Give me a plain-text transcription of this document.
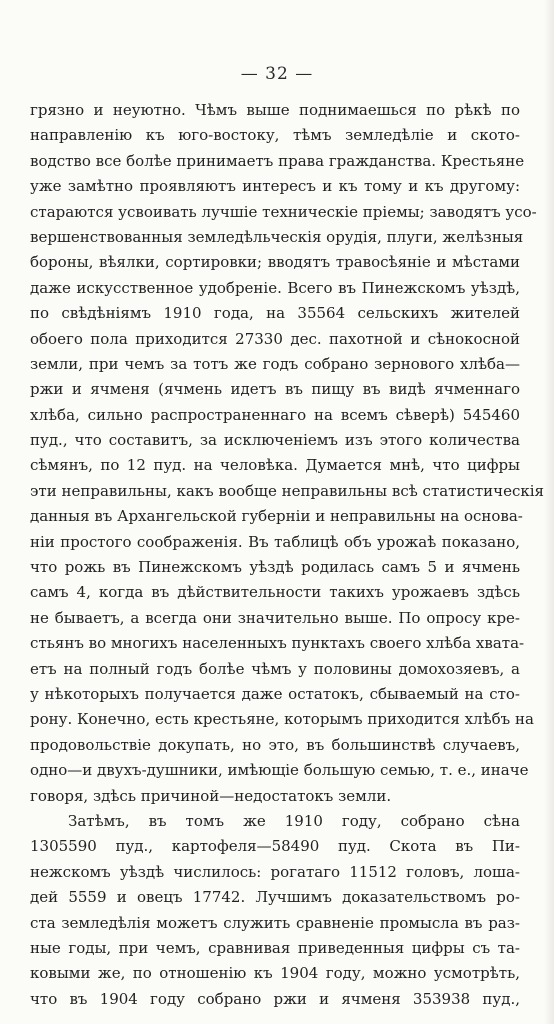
— 32 —
грязно и неуютно. Чѣмъ выше поднимаешься по рѣкѣ по
направленію къ юго-востоку, тѣмъ земледѣліе и ското-
водство все болѣе принимаетъ права гражданства. Крестьяне
уже замѣтно проявляютъ интересъ и къ тому и къ другому:
стараются усвоивать лучшіе техническіе пріемы; заводятъ усо-
вершенствованныя земледѣльческія орудія, плуги, желѣзныя
бороны, вѣялки, сортировки; вводятъ травосѣяніе и мѣстами
даже искусственное удобреніе. Всего въ Пинежскомъ уѣздѣ,
по свѣдѣніямъ 1910 года, на 35564 сельскихъ жителей
обоего пола приходится 27330 дес. пахотной и сѣнокосной
земли, при чемъ за тотъ же годъ собрано зернового хлѣба—
ржи и ячменя (ячмень идетъ въ пищу въ видѣ ячменнаго
хлѣба, сильно распространеннаго на всемъ сѣверѣ) 545460
пуд., что составитъ, за исключеніемъ изъ этого количества
сѣмянъ, по 12 пуд. на человѣка. Думается мнѣ, что цифры
эти неправильны, какъ вообще неправильны всѣ статистическія
данныя въ Архангельской губерніи и неправильны на основа-
ніи простого соображенія. Въ таблицѣ объ урожаѣ показано,
что рожь въ Пинежскомъ уѣздѣ родилась самъ 5 и ячмень
самъ 4, когда въ дѣйствительности такихъ урожаевъ здѣсь
не бываетъ, а всегда они значительно выше. По опросу кре-
стьянъ во многихъ населенныхъ пунктахъ своего хлѣба хватa-
етъ на полный годъ болѣе чѣмъ у половины домохозяевъ, а
у нѣкоторыхъ получается даже остатокъ, сбываемый на сто-
рону. Конечно, есть крестьяне, которымъ приходится хлѣбъ на
продовольствіе докупать, но это, въ большинствѣ случаевъ,
одно—и двухъ-душники, имѣющіе большую семью, т. е., иначе
говоря, здѣсь причиной—недостатокъ земли.
Затѣмъ, въ томъ же 1910 году, собрано сѣна
1305590 пуд., картофеля—58490 пуд. Скота въ Пи-
нежскомъ уѣздѣ числилось: рогатаго 11512 головъ, лоша-
дей 5559 и овецъ 17742. Лучшимъ доказательствомъ ро-
ста земледѣлія можетъ служить сравненіе промысла въ раз-
ные годы, при чемъ, сравнивая приведенныя цифры съ та-
ковыми же, по отношенію къ 1904 году, можно усмотрѣть,
что въ 1904 году собрано ржи и ячменя 353938 пуд.,
